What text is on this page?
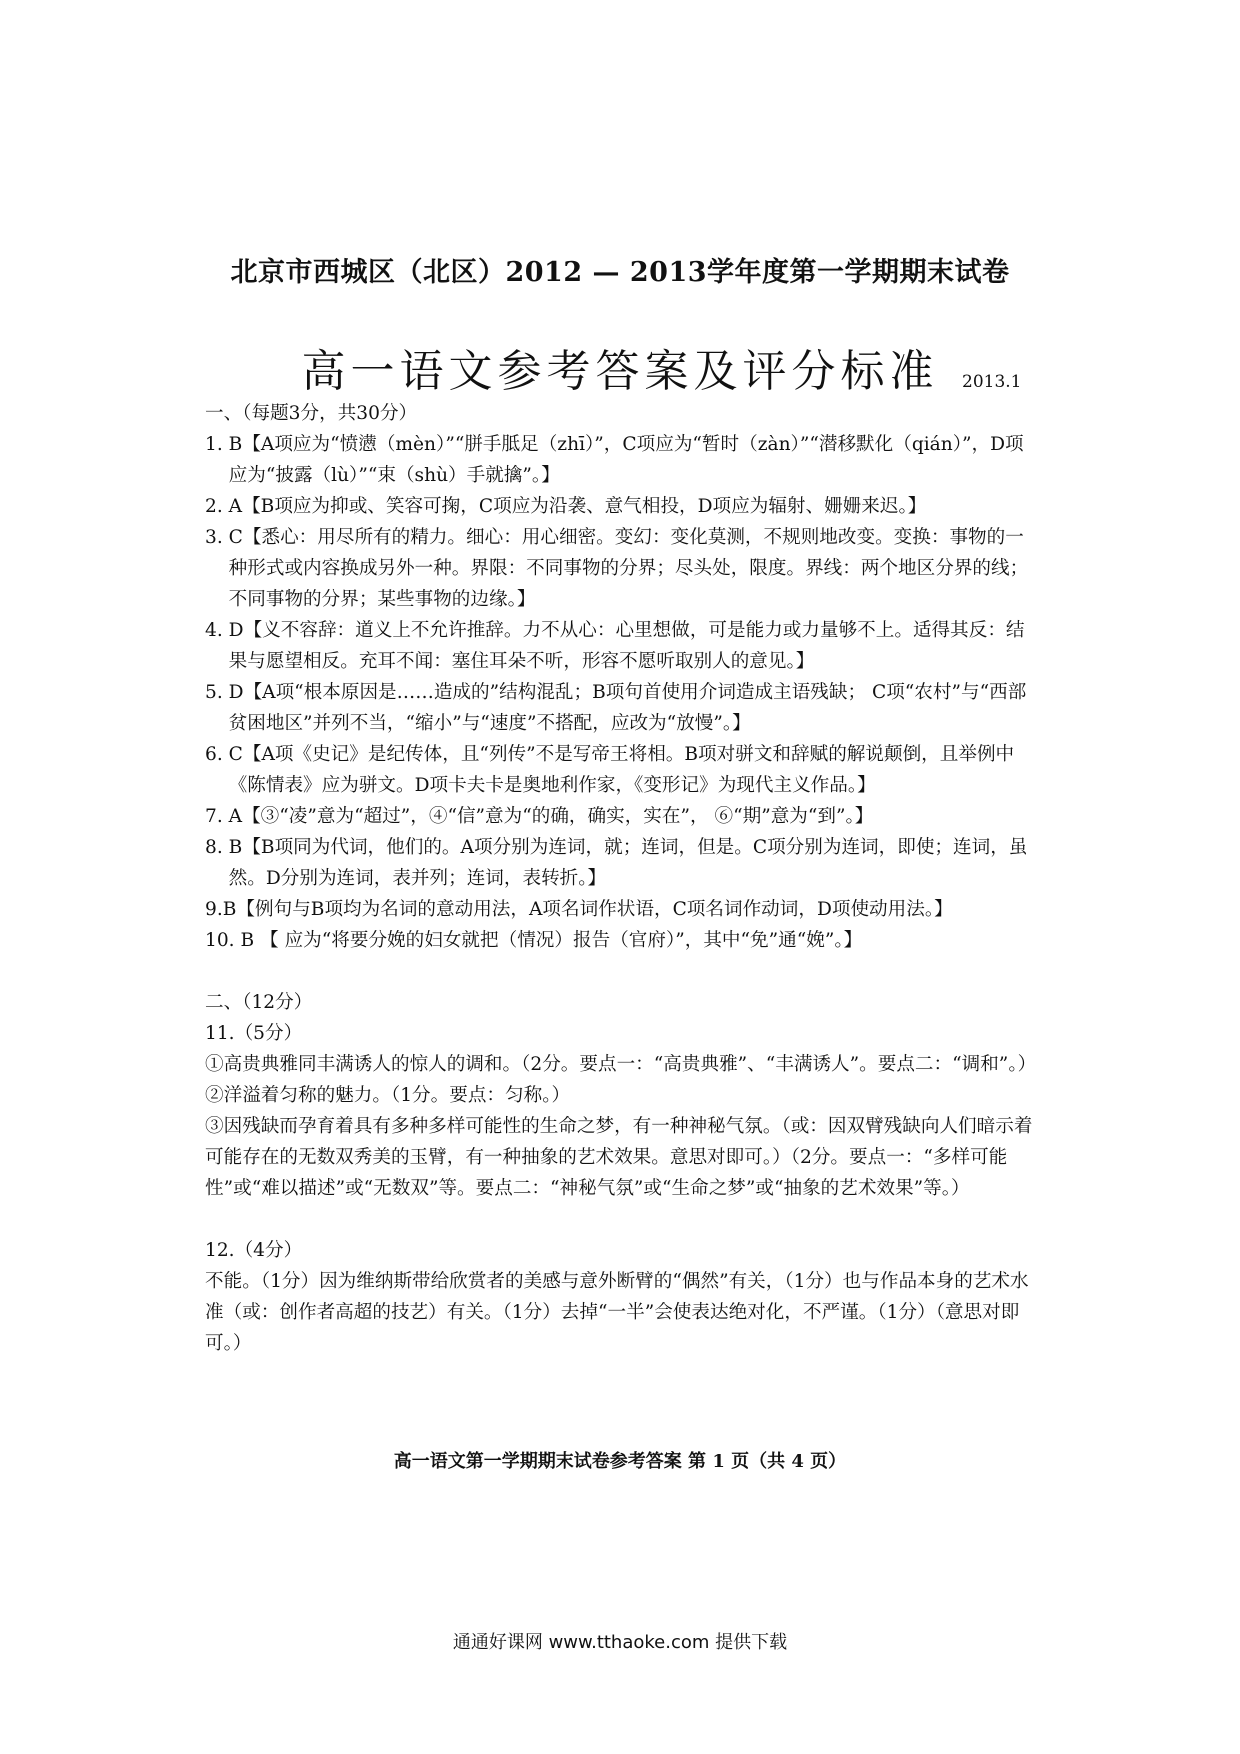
北京市西城区（北区）2012 — 2013学年度第一学期期末试卷
高一语文参考答案及评分标准	2013.1
一、（每题3分，共30分）
1. B【A项应为“愤懑（mèn）”“胼手胝足（zhī）”，C项应为“暂时（zàn）”“潜移默化（qián）”，D项应为“披露（lù）”“束（shù）手就擒”。】
2. A【B项应为抑或、笑容可掬，C项应为沿袭、意气相投，D项应为辐射、姗姗来迟。】
3. C【悉心：用尽所有的精力。细心：用心细密。变幻：变化莫测，不规则地改变。变换：事物的一种形式或内容换成另外一种。界限：不同事物的分界；尽头处，限度。界线：两个地区分界的线；不同事物的分界；某些事物的边缘。】
4. D【义不容辞：道义上不允许推辞。力不从心：心里想做，可是能力或力量够不上。适得其反：结果与愿望相反。充耳不闻：塞住耳朵不听，形容不愿听取别人的意见。】
5. D【A项“根本原因是……造成的”结构混乱；B项句首使用介词造成主语残缺； C项“农村”与“西部贫困地区”并列不当，“缩小”与“速度”不搭配，应改为“放慢”。】
6. C【A项《史记》是纪传体，且“列传”不是写帝王将相。B项对骈文和辞赋的解说颠倒，且举例中《陈情表》应为骈文。D项卡夫卡是奥地利作家，《变形记》为现代主义作品。】
7. A【③“凌”意为“超过”，④“信”意为“的确，确实，实在”， ⑥“期”意为“到”。】
8. B【B项同为代词，他们的。A项分别为连词，就；连词，但是。C项分别为连词，即使；连词，虽然。D分别为连词，表并列；连词，表转折。】
9. B【例句与B项均为名词的意动用法，A项名词作状语，C项名词作动词，D项使动用法。】
10. B 【 应为“将要分娩的妇女就把（情况）报告（官府）”，其中“免”通“娩”。】
二、（12分）
11.（5分）
①高贵典雅同丰满诱人的惊人的调和。（2分。要点一：“高贵典雅”、“丰满诱人”。要点二：“调和”。）
②洋溢着匀称的魅力。（1分。要点：匀称。）
③因残缺而孕育着具有多种多样可能性的生命之梦，有一种神秘气氛。（或：因双臂残缺向人们暗示着可能存在的无数双秀美的玉臂，有一种抽象的艺术效果。意思对即可。）（2分。要点一：“多样可能性”或“难以描述”或“无数双”等。要点二：“神秘气氛”或“生命之梦”或“抽象的艺术效果”等。）
12.（4分）
不能。（1分）因为维纳斯带给欣赏者的美感与意外断臂的“偶然”有关，（1分）也与作品本身的艺术水准（或：创作者高超的技艺）有关。（1分）去掉“一半”会使表达绝对化，不严谨。（1分）（意思对即可。）
高一语文第一学期期末试卷参考答案 第 1 页（共 4 页）
通通好课网 www.tthaoke.com 提供下载
